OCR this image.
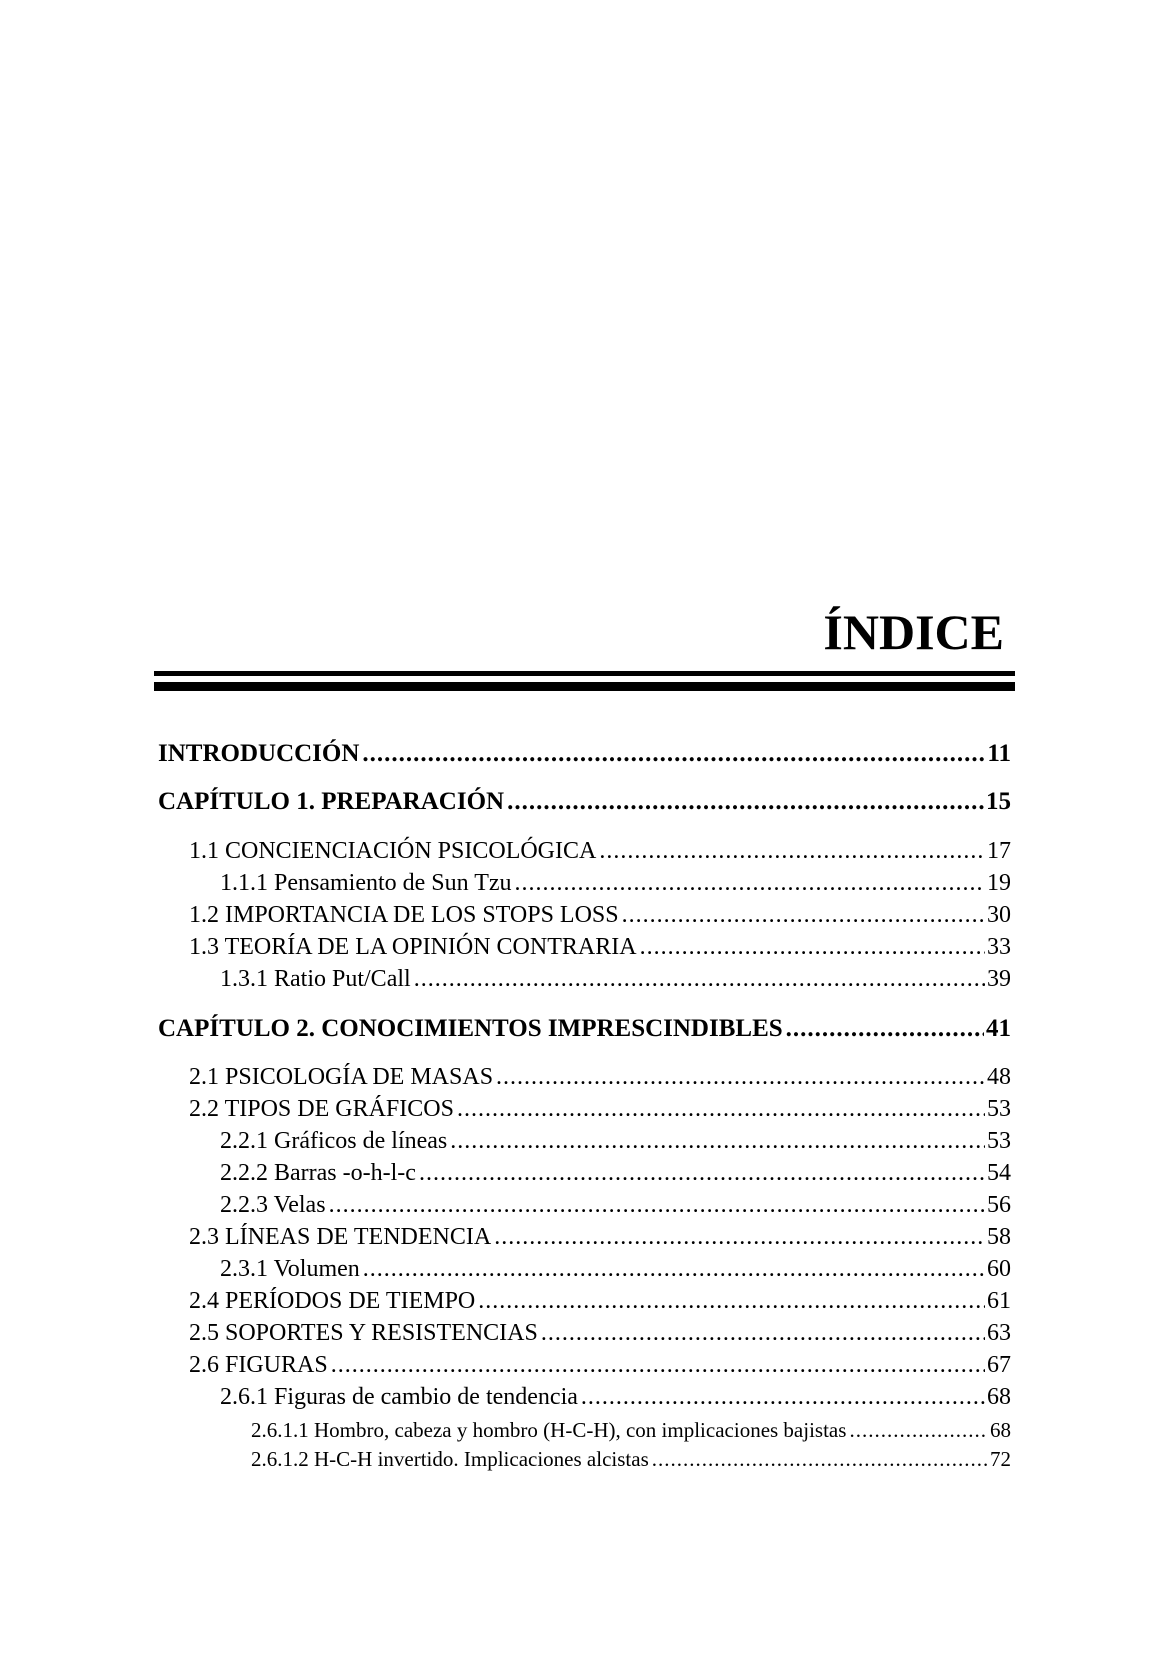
ÍNDICE
INTRODUCCIÓN .....	11
CAPÍTULO 1. PREPARACIÓN .....	15
1.1 CONCIENCIACIÓN PSICOLÓGICA .....	17
1.1.1 Pensamiento de Sun Tzu .....	19
1.2 IMPORTANCIA DE LOS STOPS LOSS .....	30
1.3 TEORÍA DE LA OPINIÓN CONTRARIA .....	33
1.3.1 Ratio Put/Call .....	39
CAPÍTULO 2. CONOCIMIENTOS IMPRESCINDIBLES .....	41
2.1 PSICOLOGÍA DE MASAS .....	48
2.2 TIPOS DE GRÁFICOS .....	53
2.2.1 Gráficos de líneas .....	53
2.2.2 Barras -o-h-l-c .....	54
2.2.3 Velas .....	56
2.3 LÍNEAS DE TENDENCIA .....	58
2.3.1 Volumen .....	60
2.4 PERÍODOS DE TIEMPO .....	61
2.5 SOPORTES Y RESISTENCIAS .....	63
2.6 FIGURAS .....	67
2.6.1 Figuras de cambio de tendencia .....	68
2.6.1.1 Hombro, cabeza y hombro (H-C-H), con implicaciones bajistas .....	68
2.6.1.2 H-C-H invertido. Implicaciones alcistas .....	72
